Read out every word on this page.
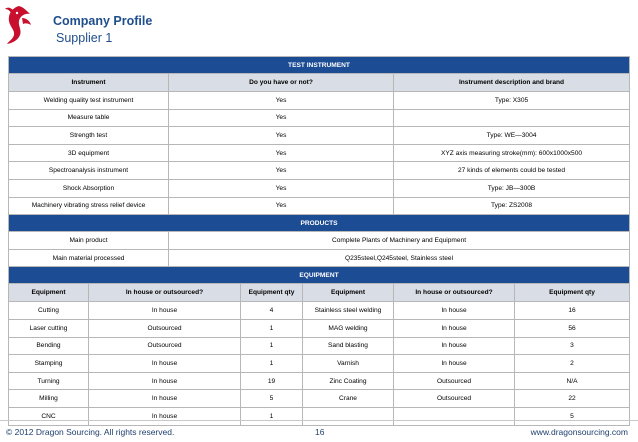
Company Profile
Supplier 1
TEST INSTRUMENT						
Instrument		Do you have or not?			Instrument description and brand	
Welding quality test instrument		Yes			Type: X305	
Measure table		Yes				
Strength test		Yes			Type: WE—3004	
3D equipment		Yes			XYZ axis measuring stroke(mm): 600x1000x500	
Spectroanalysis instrument		Yes			27 kinds of elements could be tested	
Shock Absorption		Yes			Type: JB—300B	
Machinery vibrating stress relief device		Yes			Type: ZS2008	
PRODUCTS						
Main product		Complete Plants of Machinery and Equipment				
Main material processed		Q235steel,Q245steel, Stainless steel				
EQUIPMENT						
Equipment	In house or outsourced?		Equipment qty	Equipment	In house or outsourced?	Equipment qty
Cutting	In house		4	Stainless steel welding	In house	16
Laser cutting	Outsourced		1	MAG welding	In house	56
Bending	Outsourced		1	Sand blasting	In house	3
Stamping	In house		1	Varnish	In house	2
Turning	In house		19	Zinc Coating	Outsourced	N/A
Milling	In house		5	Crane	Outsourced	22
CNC	In house		1			5
© 2012 Dragon Sourcing. All rights reserved.	16	www.dragonsourcing.com
